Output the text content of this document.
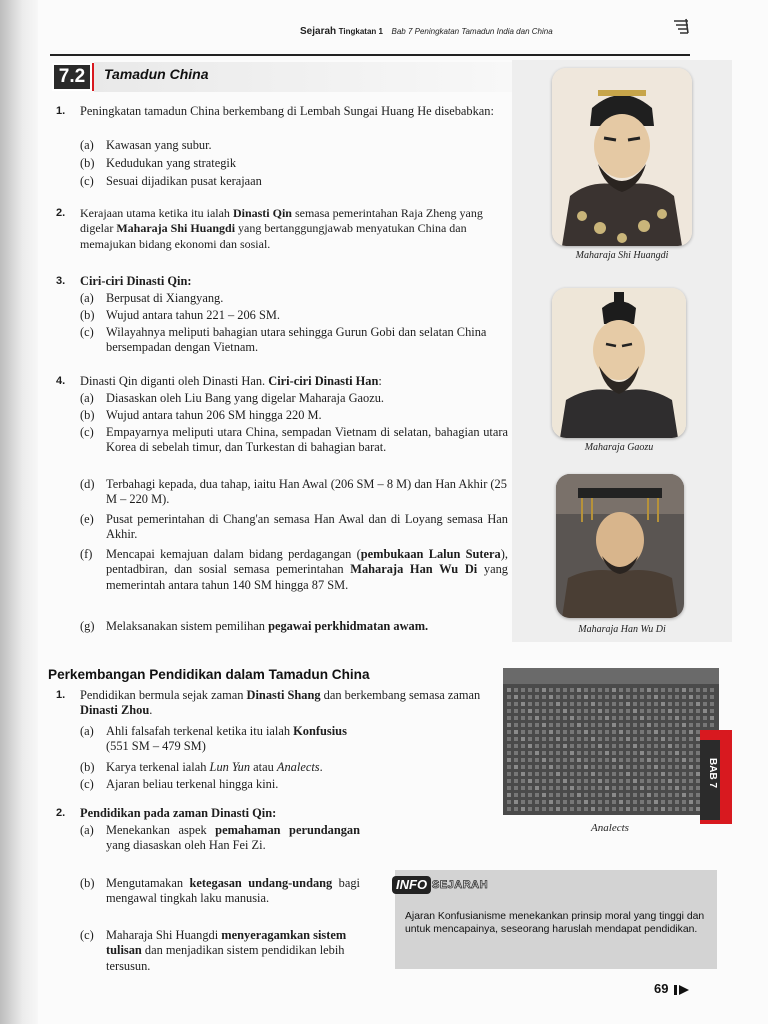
Sejarah Tingkatan 1 Bab 7 Peningkatan Tamadun India dan China
7.2	Tamadun China
Maharaja Shi Huangdi
Maharaja Gaozu
Maharaja Han Wu Di
1. Peningkatan tamadun China berkembang di Lembah Sungai Huang He disebabkan:
(a) Kawasan yang subur.
(b) Kedudukan yang strategik
(c) Sesuai dijadikan pusat kerajaan
2. Kerajaan utama ketika itu ialah Dinasti Qin semasa pemerintahan Raja Zheng yang digelar Maharaja Shi Huangdi yang bertanggungjawab menyatukan China dan memajukan bidang ekonomi dan sosial.
3. Ciri-ciri Dinasti Qin:
(a) Berpusat di Xiangyang.
(b) Wujud antara tahun 221 – 206 SM.
(c) Wilayahnya meliputi bahagian utara sehingga Gurun Gobi dan selatan China bersempadan dengan Vietnam.
4. Dinasti Qin diganti oleh Dinasti Han. Ciri-ciri Dinasti Han:
(a) Diasaskan oleh Liu Bang yang digelar Maharaja Gaozu.
(b) Wujud antara tahun 206 SM hingga 220 M.
(c) Empayarnya meliputi utara China, sempadan Vietnam di selatan, bahagian utara Korea di sebelah timur, dan Turkestan di bahagian barat.
(d) Terbahagi kepada, dua tahap, iaitu Han Awal (206 SM – 8 M) dan Han Akhir (25 M – 220 M).
(e) Pusat pemerintahan di Chang'an semasa Han Awal dan di Loyang semasa Han Akhir.
(f) Mencapai kemajuan dalam bidang perdagangan (pembukaan Lalun Sutera), pentadbiran, dan sosial semasa pemerintahan Maharaja Han Wu Di yang memerintah antara tahun 140 SM hingga 87 SM.
(g) Melaksanakan sistem pemilihan pegawai perkhidmatan awam.
Perkembangan Pendidikan dalam Tamadun China
1. Pendidikan bermula sejak zaman Dinasti Shang dan berkembang semasa zaman Dinasti Zhou.
(a) Ahli falsafah terkenal ketika itu ialah Konfusius
(551 SM – 479 SM)
(b) Karya terkenal ialah Lun Yun atau Analects.
(c) Ajaran beliau terkenal hingga kini.
2. Pendidikan pada zaman Dinasti Qin:
(a) Menekankan aspek pemahaman perundangan yang diasaskan oleh Han Fei Zi.
(b) Mengutamakan ketegasan undang-undang bagi mengawal tingkah laku manusia.
(c) Maharaja Shi Huangdi menyeragamkan sistem tulisan dan menjadikan sistem pendidikan lebih tersusun.
Analects
Ajaran Konfusianisme menekankan prinsip moral yang tinggi dan untuk mencapainya, seseorang haruslah mendapat pendidikan.
INFO SEJARAH
BAB 7
69
